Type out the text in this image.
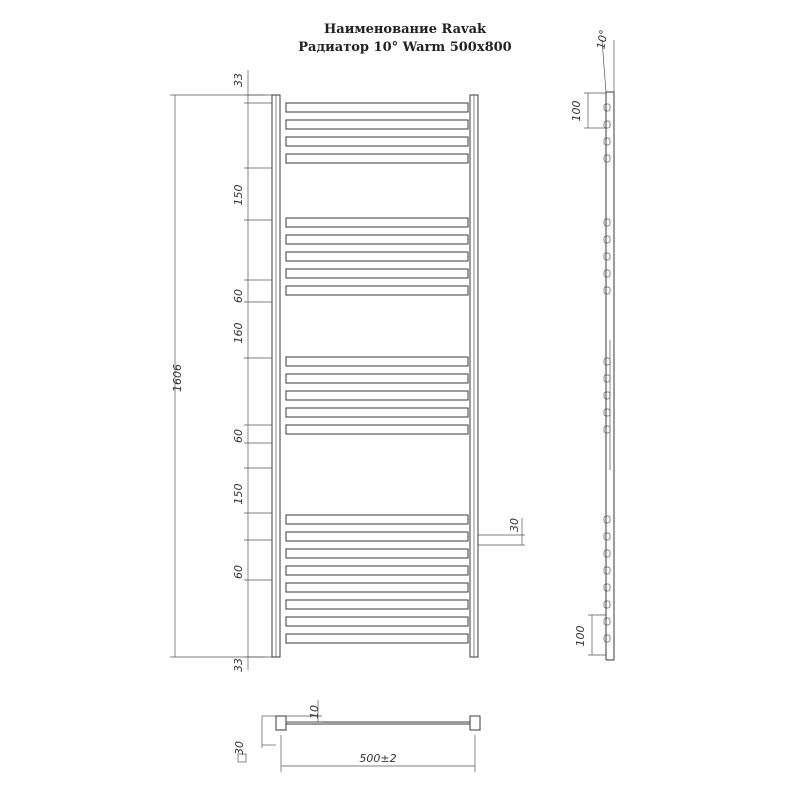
Наименование Ravak
Радиатор 10° Warm 500x800
1606
33
150
60
160
60
150
60
33
30
10°
100
100
30
10
500±2
